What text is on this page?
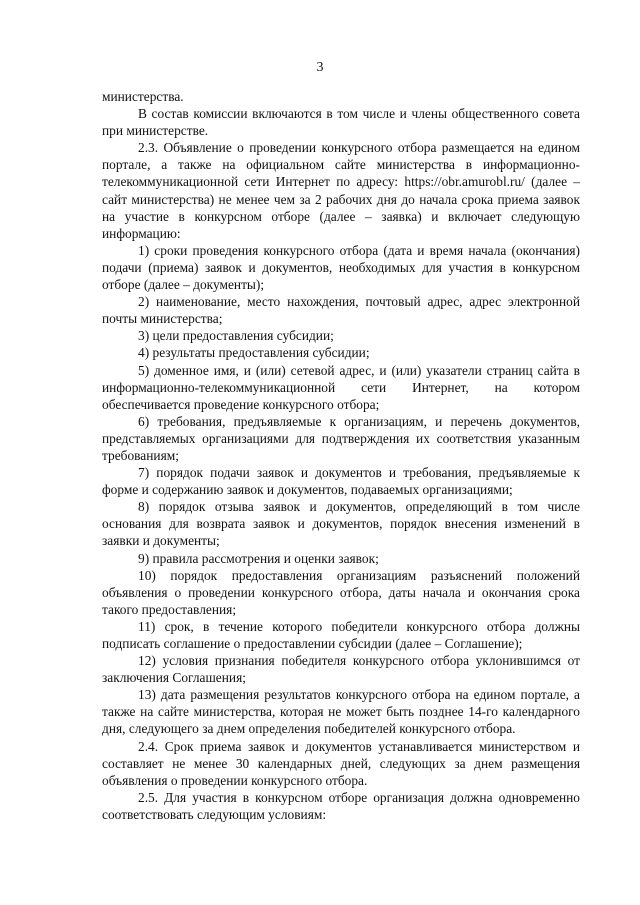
3

министерства.

В состав комиссии включаются в том числе и члены общественного совета при министерстве.

2.3. Объявление о проведении конкурсного отбора размещается на едином портале, а также на официальном сайте министерства в информационно-телекоммуникационной сети Интернет по адресу: https://obr.amurobl.ru/ (далее – сайт министерства) не менее чем за 2 рабочих дня до начала срока приема заявок на участие в конкурсном отборе (далее – заявка) и включает следующую информацию:

1) сроки проведения конкурсного отбора (дата и время начала (окончания) подачи (приема) заявок и документов, необходимых для участия в конкурсном отборе (далее – документы);

2) наименование, место нахождения, почтовый адрес, адрес электронной почты министерства;

3) цели предоставления субсидии;

4) результаты предоставления субсидии;

5) доменное имя, и (или) сетевой адрес, и (или) указатели страниц сайта в информационно-телекоммуникационной сети Интернет, на котором обеспечивается проведение конкурсного отбора;

6) требования, предъявляемые к организациям, и перечень документов, представляемых организациями для подтверждения их соответствия указанным требованиям;

7) порядок подачи заявок и документов и требования, предъявляемые к форме и содержанию заявок и документов, подаваемых организациями;

8) порядок отзыва заявок и документов, определяющий в том числе основания для возврата заявок и документов, порядок внесения изменений в заявки и документы;

9) правила рассмотрения и оценки заявок;

10) порядок предоставления организациям разъяснений положений объявления о проведении конкурсного отбора, даты начала и окончания срока такого предоставления;

11) срок, в течение которого победители конкурсного отбора должны подписать соглашение о предоставлении субсидии (далее – Соглашение);

12) условия признания победителя конкурсного отбора уклонившимся от заключения Соглашения;

13) дата размещения результатов конкурсного отбора на едином портале, а также на сайте министерства, которая не может быть позднее 14-го календарного дня, следующего за днем определения победителей конкурсного отбора.

2.4. Срок приема заявок и документов устанавливается министерством и составляет не менее 30 календарных дней, следующих за днем размещения объявления о проведении конкурсного отбора.

2.5. Для участия в конкурсном отборе организация должна одновременно соответствовать следующим условиям:
